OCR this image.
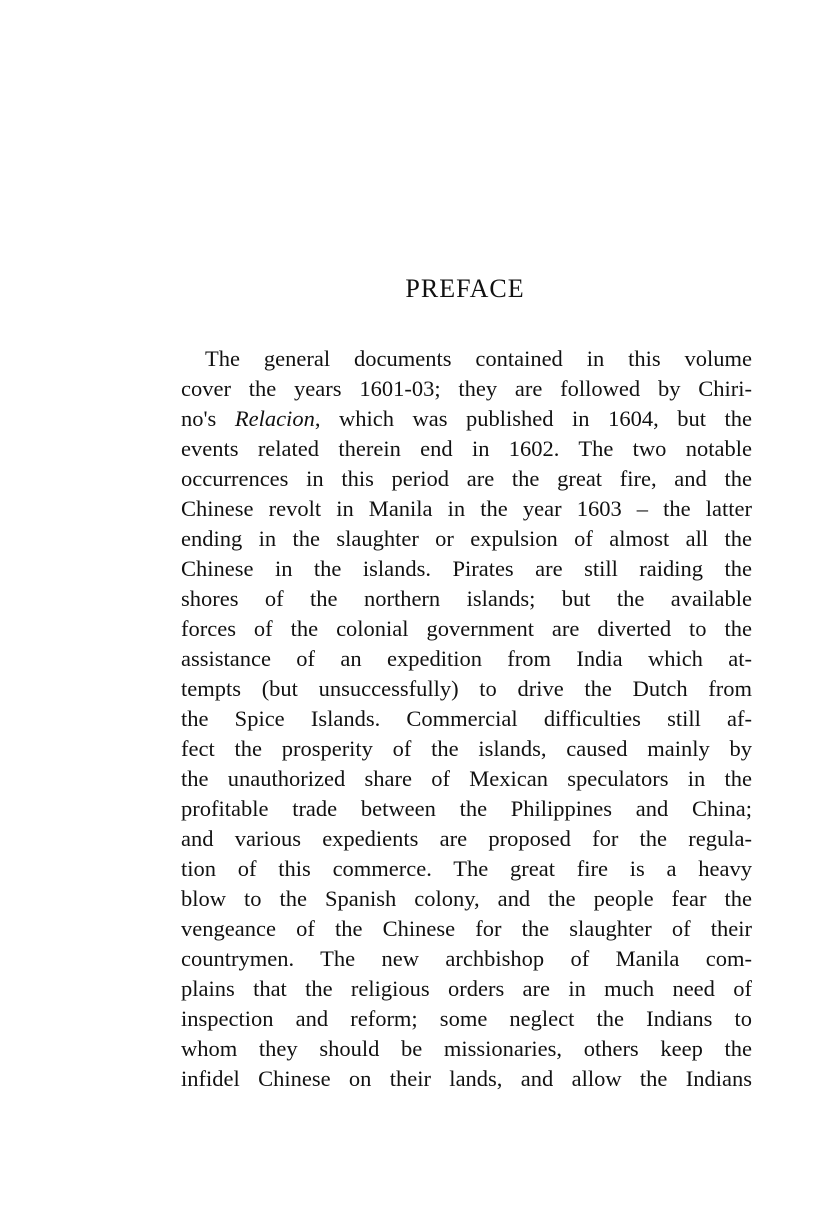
PREFACE
The general documents contained in this volume
cover the years 1601-03; they are followed by Chiri-
no's Relacion, which was published in 1604, but the
events related therein end in 1602. The two notable
occurrences in this period are the great fire, and the
Chinese revolt in Manila in the year 1603 – the latter
ending in the slaughter or expulsion of almost all the
Chinese in the islands. Pirates are still raiding the
shores of the northern islands; but the available
forces of the colonial government are diverted to the
assistance of an expedition from India which at-
tempts (but unsuccessfully) to drive the Dutch from
the Spice Islands. Commercial difficulties still af-
fect the prosperity of the islands, caused mainly by
the unauthorized share of Mexican speculators in the
profitable trade between the Philippines and China;
and various expedients are proposed for the regula-
tion of this commerce. The great fire is a heavy
blow to the Spanish colony, and the people fear the
vengeance of the Chinese for the slaughter of their
countrymen. The new archbishop of Manila com-
plains that the religious orders are in much need of
inspection and reform; some neglect the Indians to
whom they should be missionaries, others keep the
infidel Chinese on their lands, and allow the Indians
